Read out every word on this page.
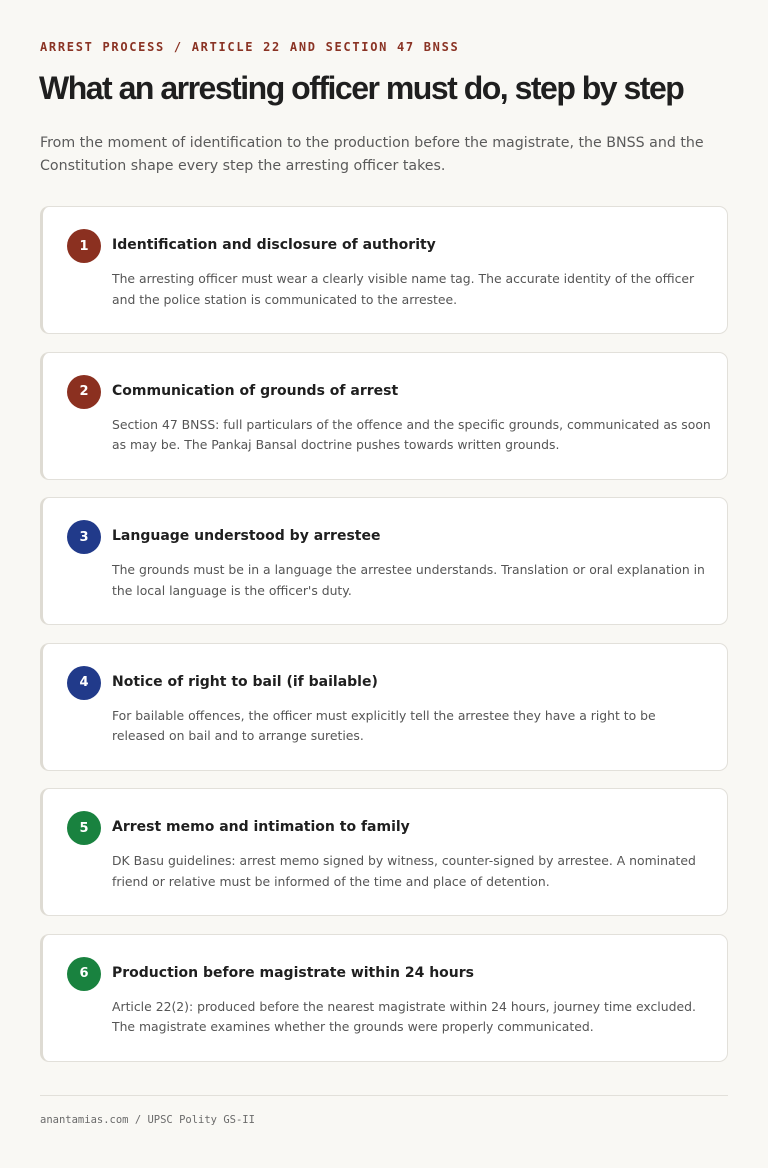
ARREST PROCESS / ARTICLE 22 AND SECTION 47 BNSS
What an arresting officer must do, step by step

From the moment of identification to the production before the magistrate, the BNSS and the Constitution shape every step the arresting officer takes.

1	Identification and disclosure of authority
The arresting officer must wear a clearly visible name tag. The accurate identity of the officer and the police station is communicated to the arrestee.
2	Communication of grounds of arrest
Section 47 BNSS: full particulars of the offence and the specific grounds, communicated as soon as may be. The Pankaj Bansal doctrine pushes towards written grounds.
3	Language understood by arrestee
The grounds must be in a language the arrestee understands. Translation or oral explanation in the local language is the officer's duty.
4	Notice of right to bail (if bailable)
For bailable offences, the officer must explicitly tell the arrestee they have a right to be released on bail and to arrange sureties.
5	Arrest memo and intimation to family
DK Basu guidelines: arrest memo signed by witness, counter-signed by arrestee. A nominated friend or relative must be informed of the time and place of detention.
6	Production before magistrate within 24 hours
Article 22(2): produced before the nearest magistrate within 24 hours, journey time excluded. The magistrate examines whether the grounds were properly communicated.
anantamias.com / UPSC Polity GS-II
